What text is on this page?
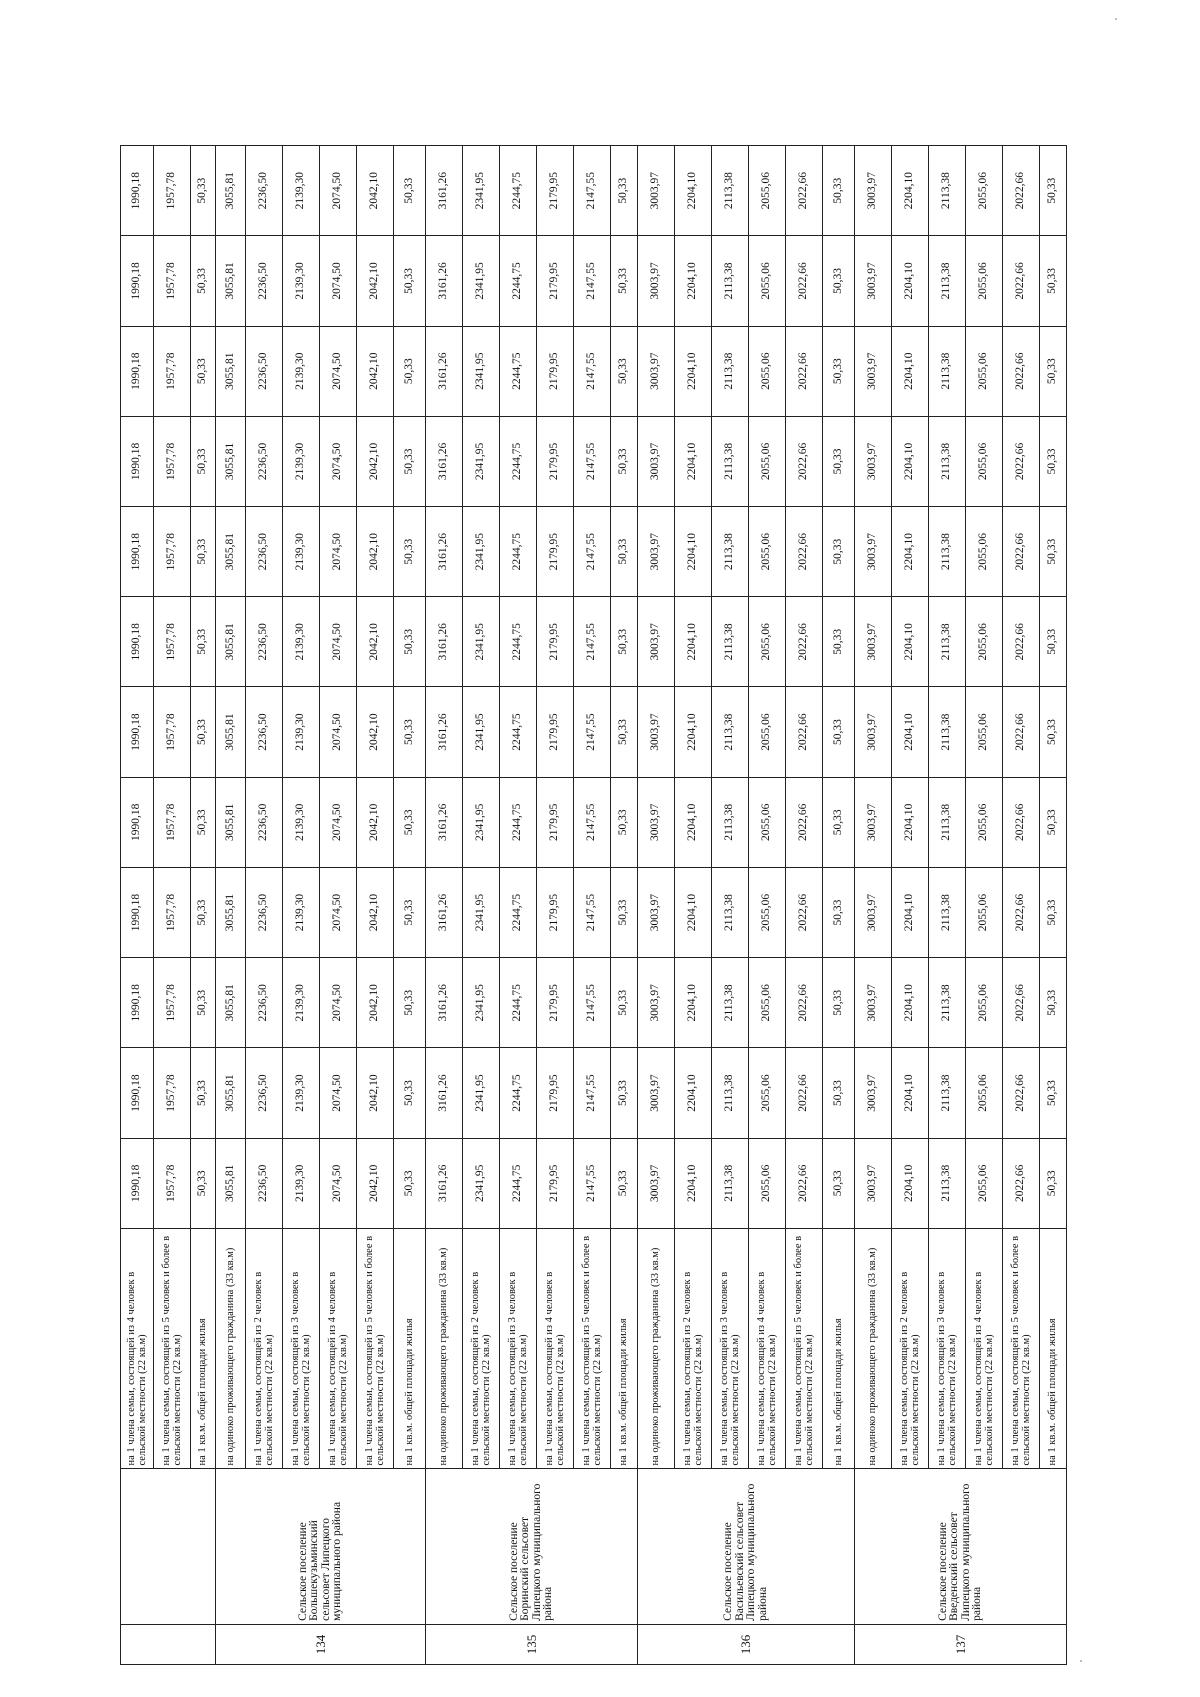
		на 1 члена семьи, состоящей из 4 человек в сельской местности (22 кв.м)	1990,18	1990,18	1990,18	1990,18	1990,18	1990,18	1990,18	1990,18	1990,18	1990,18	1990,18	1990,18
		на 1 члена семьи, состоящей из 5 человек и более в сельской местности (22 кв.м)	1957,78	1957,78	1957,78	1957,78	1957,78	1957,78	1957,78	1957,78	1957,78	1957,78	1957,78	1957,78
		на 1 кв.м. общей площади жилья	50,33	50,33	50,33	50,33	50,33	50,33	50,33	50,33	50,33	50,33	50,33	50,33
134	Сельское поселение Большекузьминский сельсовет Липецкого муниципального района	на одиноко проживающего гражданина (33 кв.м)	3055,81	3055,81	3055,81	3055,81	3055,81	3055,81	3055,81	3055,81	3055,81	3055,81	3055,81	3055,81
		на 1 члена семьи, состоящей из 2 человек в сельской местности (22 кв.м)	2236,50	2236,50	2236,50	2236,50	2236,50	2236,50	2236,50	2236,50	2236,50	2236,50	2236,50	2236,50
		на 1 члена семьи, состоящей из 3 человек в сельской местности (22 кв.м)	2139,30	2139,30	2139,30	2139,30	2139,30	2139,30	2139,30	2139,30	2139,30	2139,30	2139,30	2139,30
		на 1 члена семьи, состоящей из 4 человек в сельской местности (22 кв.м)	2074,50	2074,50	2074,50	2074,50	2074,50	2074,50	2074,50	2074,50	2074,50	2074,50	2074,50	2074,50
		на 1 члена семьи, состоящей из 5 человек и более в сельской местности (22 кв.м)	2042,10	2042,10	2042,10	2042,10	2042,10	2042,10	2042,10	2042,10	2042,10	2042,10	2042,10	2042,10
		на 1 кв.м. общей площади жилья	50,33	50,33	50,33	50,33	50,33	50,33	50,33	50,33	50,33	50,33	50,33	50,33
135	Сельское поселение Боринский сельсовет Липецкого муниципального района	на одиноко проживающего гражданина (33 кв.м)	3161,26	3161,26	3161,26	3161,26	3161,26	3161,26	3161,26	3161,26	3161,26	3161,26	3161,26	3161,26
		на 1 члена семьи, состоящей из 2 человек в сельской местности (22 кв.м)	2341,95	2341,95	2341,95	2341,95	2341,95	2341,95	2341,95	2341,95	2341,95	2341,95	2341,95	2341,95
		на 1 члена семьи, состоящей из 3 человек в сельской местности (22 кв.м)	2244,75	2244,75	2244,75	2244,75	2244,75	2244,75	2244,75	2244,75	2244,75	2244,75	2244,75	2244,75
		на 1 члена семьи, состоящей из 4 человек в сельской местности (22 кв.м)	2179,95	2179,95	2179,95	2179,95	2179,95	2179,95	2179,95	2179,95	2179,95	2179,95	2179,95	2179,95
		на 1 члена семьи, состоящей из 5 человек и более в сельской местности (22 кв.м)	2147,55	2147,55	2147,55	2147,55	2147,55	2147,55	2147,55	2147,55	2147,55	2147,55	2147,55	2147,55
		на 1 кв.м. общей площади жилья	50,33	50,33	50,33	50,33	50,33	50,33	50,33	50,33	50,33	50,33	50,33	50,33
136	Сельское поселение Васильевский сельсовет Липецкого муниципального района	на одиноко проживающего гражданина (33 кв.м)	3003,97	3003,97	3003,97	3003,97	3003,97	3003,97	3003,97	3003,97	3003,97	3003,97	3003,97	3003,97
		на 1 члена семьи, состоящей из 2 человек в сельской местности (22 кв.м)	2204,10	2204,10	2204,10	2204,10	2204,10	2204,10	2204,10	2204,10	2204,10	2204,10	2204,10	2204,10
		на 1 члена семьи, состоящей из 3 человек в сельской местности (22 кв.м)	2113,38	2113,38	2113,38	2113,38	2113,38	2113,38	2113,38	2113,38	2113,38	2113,38	2113,38	2113,38
		на 1 члена семьи, состоящей из 4 человек в сельской местности (22 кв.м)	2055,06	2055,06	2055,06	2055,06	2055,06	2055,06	2055,06	2055,06	2055,06	2055,06	2055,06	2055,06
		на 1 члена семьи, состоящей из 5 человек и более в сельской местности (22 кв.м)	2022,66	2022,66	2022,66	2022,66	2022,66	2022,66	2022,66	2022,66	2022,66	2022,66	2022,66	2022,66
		на 1 кв.м. общей площади жилья	50,33	50,33	50,33	50,33	50,33	50,33	50,33	50,33	50,33	50,33	50,33	50,33
137	Сельское поселение Введенский сельсовет Липецкого муниципального района	на одиноко проживающего гражданина (33 кв.м)	3003,97	3003,97	3003,97	3003,97	3003,97	3003,97	3003,97	3003,97	3003,97	3003,97	3003,97	3003,97
		на 1 члена семьи, состоящей из 2 человек в сельской местности (22 кв.м)	2204,10	2204,10	2204,10	2204,10	2204,10	2204,10	2204,10	2204,10	2204,10	2204,10	2204,10	2204,10
		на 1 члена семьи, состоящей из 3 человек в сельской местности (22 кв.м)	2113,38	2113,38	2113,38	2113,38	2113,38	2113,38	2113,38	2113,38	2113,38	2113,38	2113,38	2113,38
		на 1 члена семьи, состоящей из 4 человек в сельской местности (22 кв.м)	2055,06	2055,06	2055,06	2055,06	2055,06	2055,06	2055,06	2055,06	2055,06	2055,06	2055,06	2055,06
		на 1 члена семьи, состоящей из 5 человек и более в сельской местности (22 кв.м)	2022,66	2022,66	2022,66	2022,66	2022,66	2022,66	2022,66	2022,66	2022,66	2022,66	2022,66	2022,66
		на 1 кв.м. общей площади жилья	50,33	50,33	50,33	50,33	50,33	50,33	50,33	50,33	50,33	50,33	50,33	50,33
